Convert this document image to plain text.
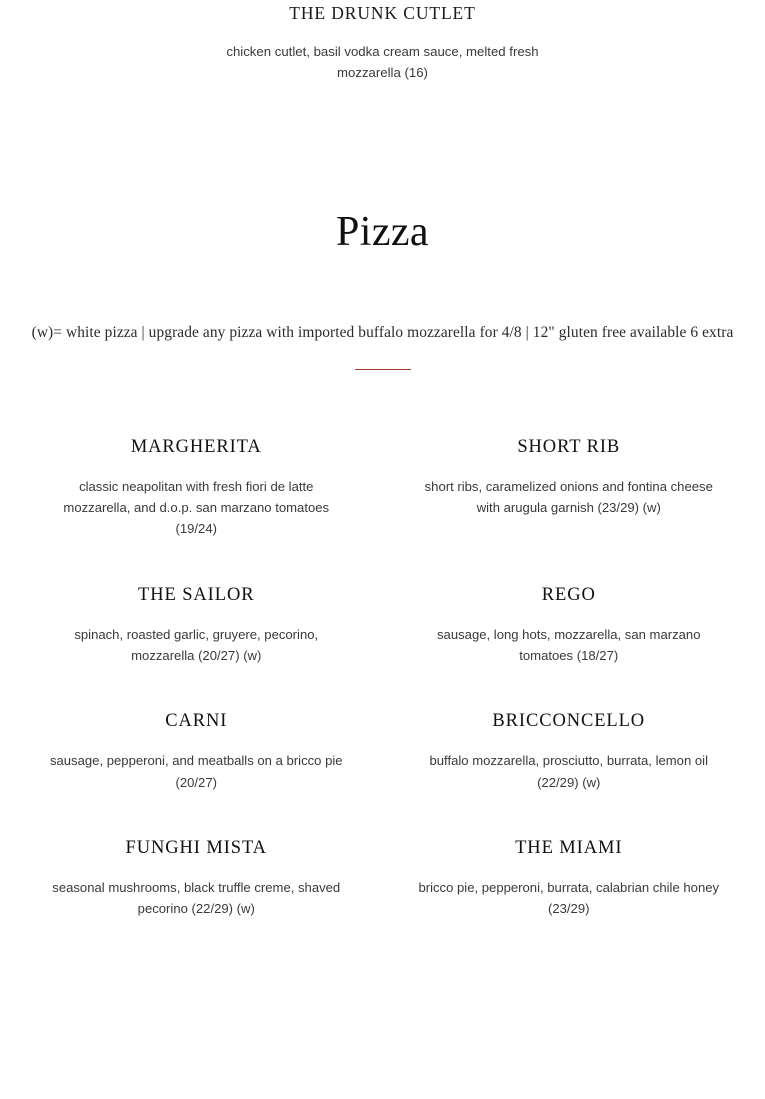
THE DRUNK CUTLET
chicken cutlet, basil vodka cream sauce, melted fresh mozzarella (16)
Pizza
(w)= white pizza | upgrade any pizza with imported buffalo mozzarella for 4/8 | 12" gluten free available 6 extra
MARGHERITA
classic neapolitan with fresh fiori de latte mozzarella, and d.o.p. san marzano tomatoes (19/24)
SHORT RIB
short ribs, caramelized onions and fontina cheese with arugula garnish (23/29) (w)
THE SAILOR
spinach, roasted garlic, gruyere, pecorino, mozzarella (20/27) (w)
REGO
sausage, long hots, mozzarella, san marzano tomatoes (18/27)
CARNI
sausage, pepperoni, and meatballs on a bricco pie (20/27)
BRICCONCELLO
buffalo mozzarella, prosciutto, burrata, lemon oil (22/29) (w)
FUNGHI MISTA
seasonal mushrooms, black truffle creme, shaved pecorino (22/29) (w)
THE MIAMI
bricco pie, pepperoni, burrata, calabrian chile honey (23/29)
